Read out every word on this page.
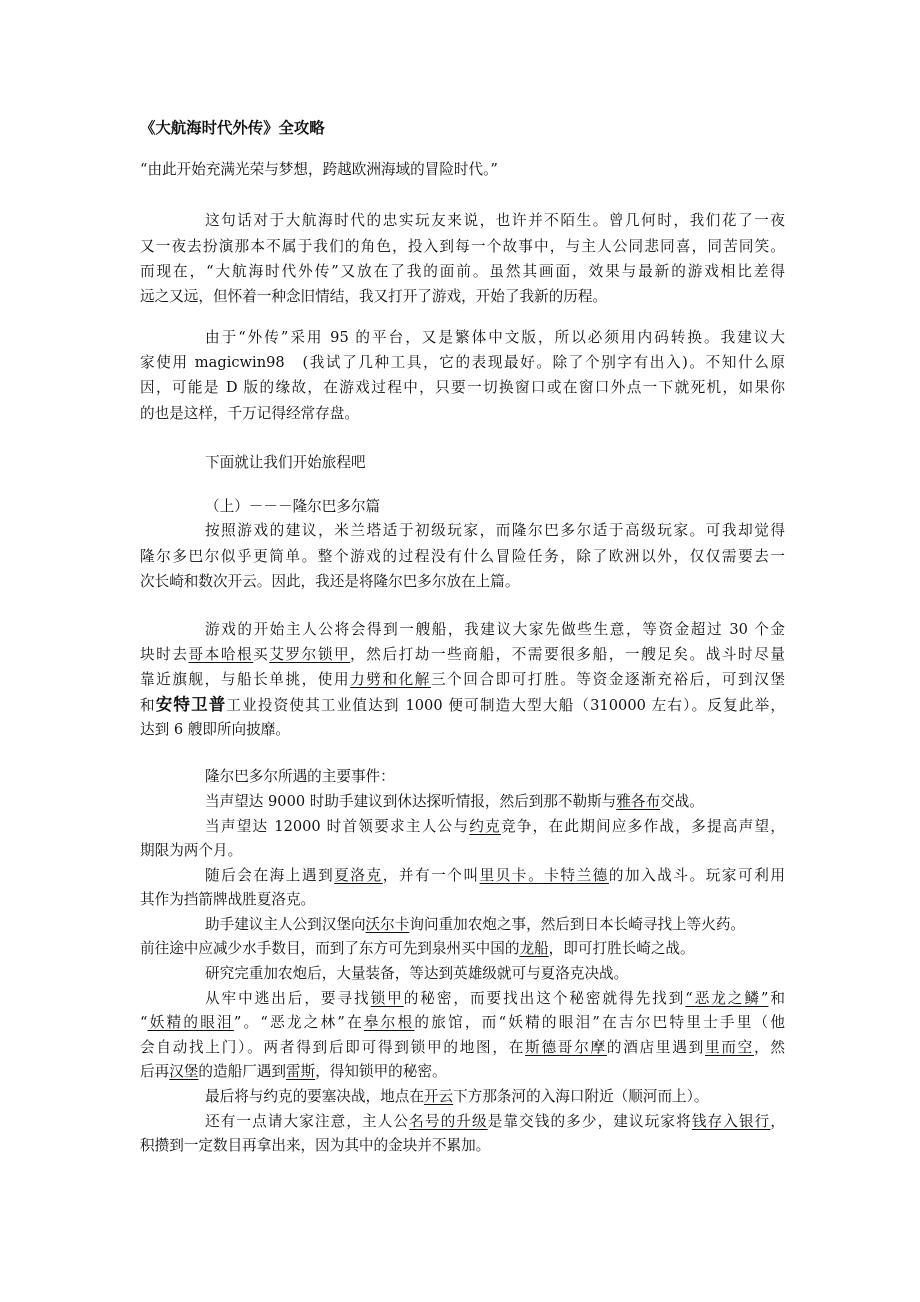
《大航海时代外传》全攻略
“由此开始充满光荣与梦想，跨越欧洲海域的冒险时代。”
这句话对于大航海时代的忠实玩友来说，也许并不陌生。曾几何时，我们花了一夜
又一夜去扮演那本不属于我们的角色，投入到每一个故事中，与主人公同悲同喜，同苦同笑。
而现在，“大航海时代外传”又放在了我的面前。虽然其画面，效果与最新的游戏相比差得
远之又远，但怀着一种念旧情结，我又打开了游戏，开始了我新的历程。
由于“外传”采用 95 的平台，又是繁体中文版，所以必须用内码转换。我建议大
家使用 magicwin98　(我试了几种工具，它的表现最好。除了个别字有出入)。不知什么原
因，可能是 D 版的缘故，在游戏过程中，只要一切换窗口或在窗口外点一下就死机，如果你
的也是这样，千万记得经常存盘。
下面就让我们开始旅程吧
（上）－－－隆尔巴多尔篇
按照游戏的建议，米兰塔适于初级玩家，而隆尔巴多尔适于高级玩家。可我却觉得
隆尔多巴尔似乎更简单。整个游戏的过程没有什么冒险任务，除了欧洲以外，仅仅需要去一
次长崎和数次开云。因此，我还是将隆尔巴多尔放在上篇。
游戏的开始主人公将会得到一艘船，我建议大家先做些生意，等资金超过 30 个金
块时去哥本哈根买艾罗尔锁甲，然后打劫一些商船，不需要很多船，一艘足矣。战斗时尽量
靠近旗舰，与船长单挑，使用力劈和化解三个回合即可打胜。等资金逐渐充裕后，可到汉堡
和安特卫普工业投资使其工业值达到 1000 便可制造大型大船（310000 左右）。反复此举，
达到 6 艘即所向披靡。
隆尔巴多尔所遇的主要事件：
当声望达 9000 时助手建议到休达探听情报，然后到那不勒斯与雅各布交战。
当声望达 12000 时首领要求主人公与约克竞争，在此期间应多作战，多提高声望，
期限为两个月。
随后会在海上遇到夏洛克，并有一个叫里贝卡。卡特兰德的加入战斗。玩家可利用
其作为挡箭牌战胜夏洛克。
助手建议主人公到汉堡向沃尔卡询问重加农炮之事，然后到日本长崎寻找上等火药。
前往途中应减少水手数目，而到了东方可先到泉州买中国的龙船，即可打胜长崎之战。
研究完重加农炮后，大量装备，等达到英雄级就可与夏洛克决战。
从牢中逃出后，要寻找锁甲的秘密，而要找出这个秘密就得先找到“恶龙之鳞”和
“妖精的眼泪”。“恶龙之林”在皋尔根的旅馆，而“妖精的眼泪”在吉尔巴特里士手里（他
会自动找上门）。两者得到后即可得到锁甲的地图，在斯德哥尔摩的酒店里遇到里而空，然
后再汉堡的造船厂遇到雷斯，得知锁甲的秘密。
最后将与约克的要塞决战，地点在开云下方那条河的入海口附近（顺河而上）。
还有一点请大家注意，主人公名号的升级是靠交钱的多少，建议玩家将钱存入银行，
积攒到一定数目再拿出来，因为其中的金块并不累加。
